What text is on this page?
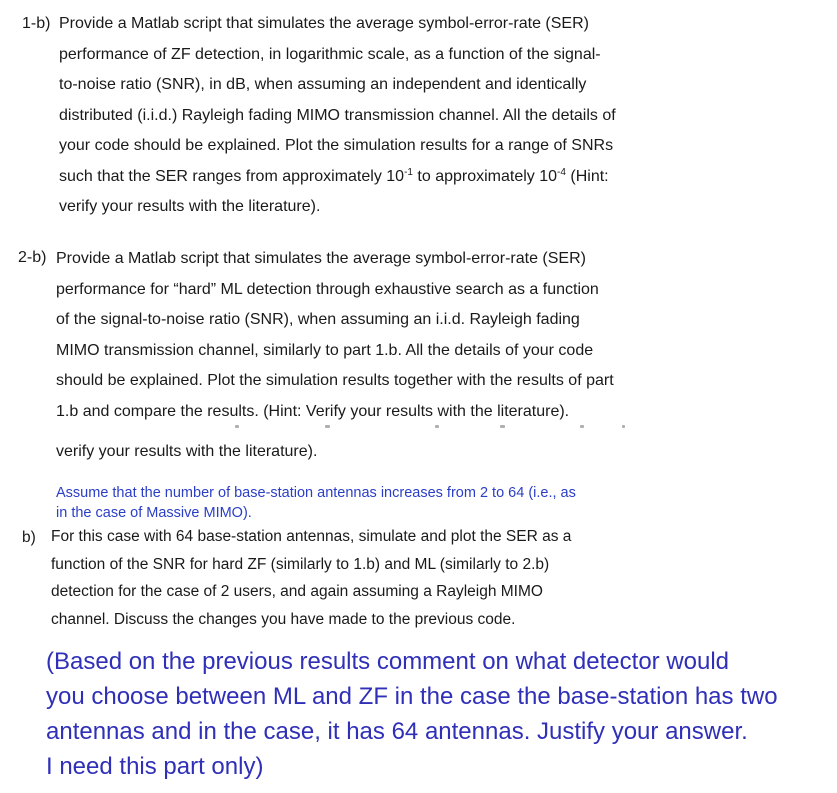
1-b) Provide a Matlab script that simulates the average symbol-error-rate (SER)
performance of ZF detection, in logarithmic scale, as a function of the signal-
to-noise ratio (SNR), in dB, when assuming an independent and identically
distributed (i.i.d.) Rayleigh fading MIMO transmission channel. All the details of
your code should be explained. Plot the simulation results for a range of SNRs
such that the SER ranges from approximately $10^{-1}$ to approximately $10^{-4}$ (Hint:
verify your results with the literature).
2-b) Provide a Matlab script that simulates the average symbol-error-rate (SER)
performance for “hard” ML detection through exhaustive search as a function
of the signal-to-noise ratio (SNR), when assuming an i.i.d. Rayleigh fading
MIMO transmission channel, similarly to part 1.b. All the details of your code
should be explained. Plot the simulation results together with the results of part
1.b and compare the results. (Hint: Verify your results with the literature).
verify your results with the literature).
Assume that the number of base-station antennas increases from 2 to 64 (i.e., as
in the case of Massive MIMO).
b) For this case with 64 base-station antennas, simulate and plot the SER as a
function of the SNR for hard ZF (similarly to 1.b) and ML (similarly to 2.b)
detection for the case of 2 users, and again assuming a Rayleigh MIMO
channel. Discuss the changes you have made to the previous code.
(Based on the previous results comment on what detector would
you choose between ML and ZF in the case the base-station has two
antennas and in the case, it has 64 antennas. Justify your answer.
I need this part only)
